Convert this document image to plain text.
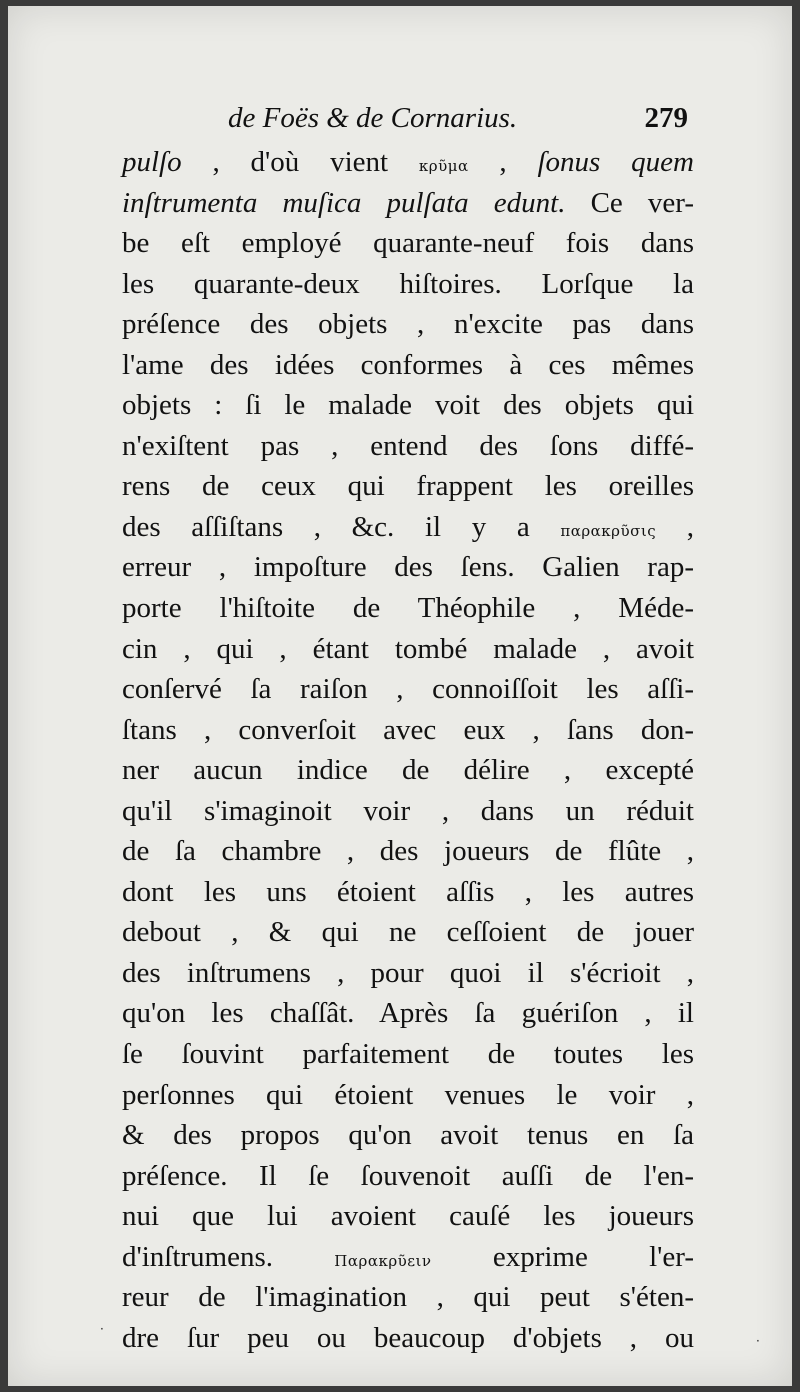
de Foës & de Cornarius.	279
pulſo , d'où vient κρῦμα , ſonus quem
inſtrumenta muſica pulſata edunt. Ce ver-
be eſt employé quarante-neuf fois dans
les quarante-deux hiſtoires. Lorſque la
préſence des objets , n'excite pas dans
l'ame des idées conformes à ces mêmes
objets : ſi le malade voit des objets qui
n'exiſtent pas , entend des ſons diffé-
rens de ceux qui frappent les oreilles
des aſſiſtans , &c. il y a παρακρῦσις ,
erreur , impoſture des ſens. Galien rap-
porte l'hiſtoite de Théophile , Méde-
cin , qui , étant tombé malade , avoit
conſervé ſa raiſon , connoiſſoit les aſſi-
ſtans , converſoit avec eux , ſans don-
ner aucun indice de délire , excepté
qu'il s'imaginoit voir , dans un réduit
de ſa chambre , des joueurs de flûte ,
dont les uns étoient aſſis , les autres
debout , & qui ne ceſſoient de jouer
des inſtrumens , pour quoi il s'écrioit ,
qu'on les chaſſât. Après ſa guériſon , il
ſe ſouvint parfaitement de toutes les
perſonnes qui étoient venues le voir ,
& des propos qu'on avoit tenus en ſa
préſence. Il ſe ſouvenoit auſſi de l'en-
nui que lui avoient cauſé les joueurs
d'inſtrumens. Παρακρῦειν exprime l'er-
reur de l'imagination , qui peut s'éten-
dre ſur peu ou beaucoup d'objets , ou
·
·
